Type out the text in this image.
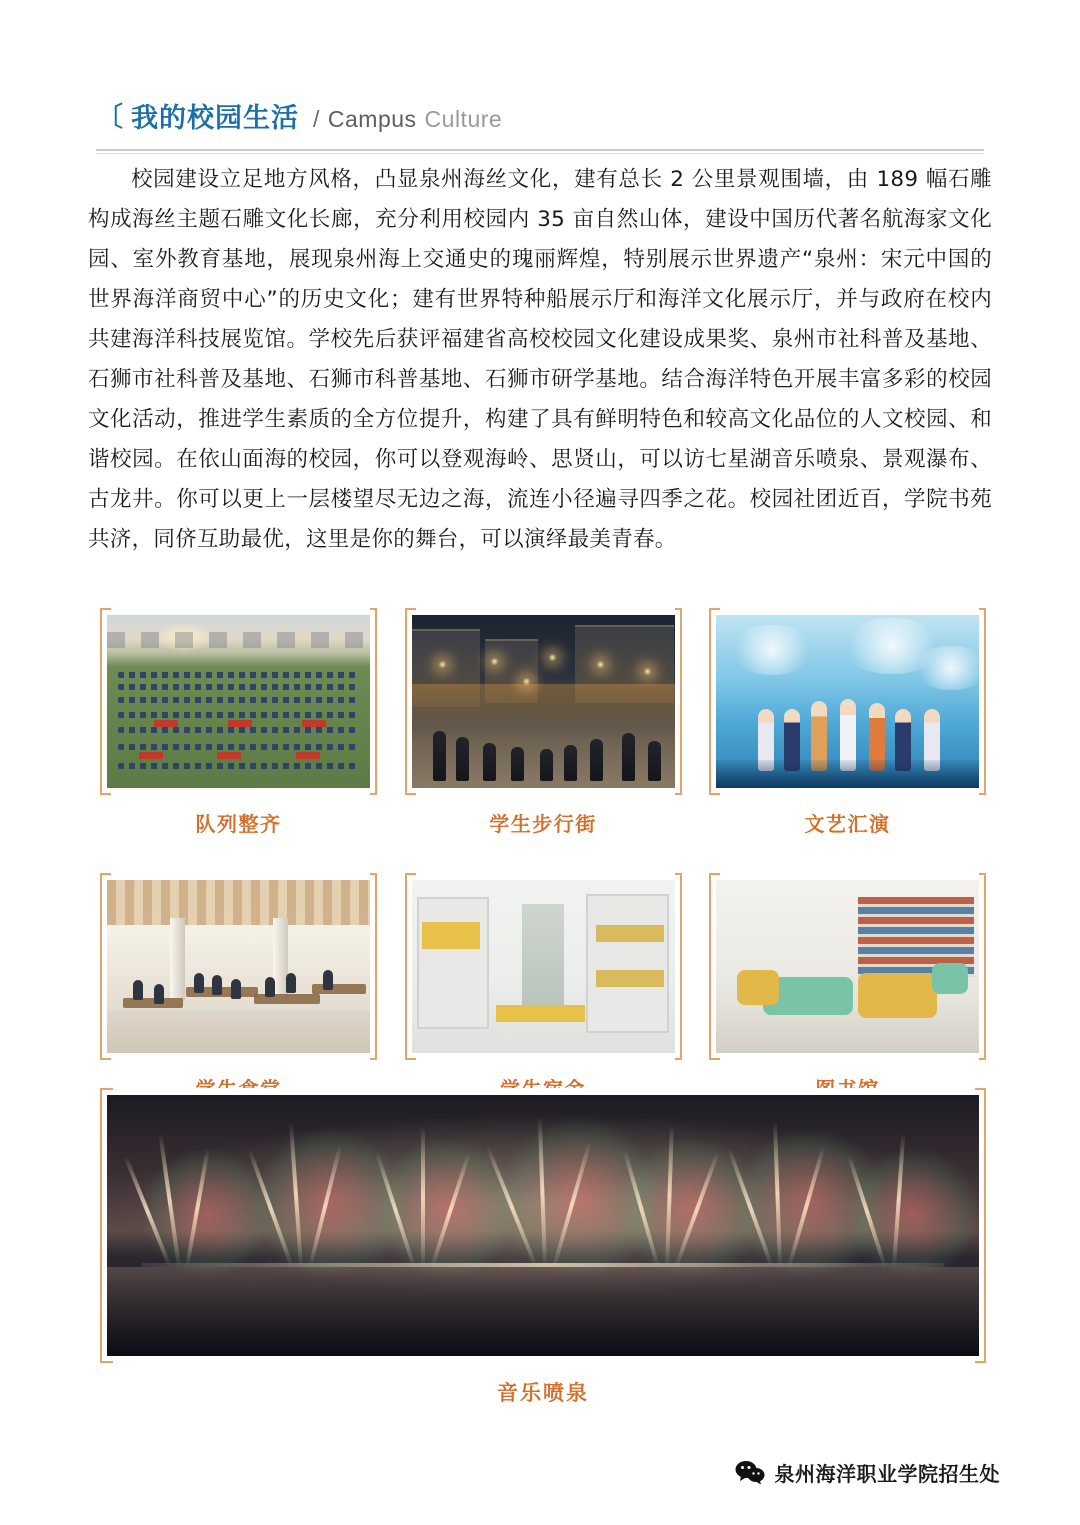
〔 我的校园生活 / Campus Culture
校园建设立足地方风格，凸显泉州海丝文化，建有总长 2 公里景观围墙，由 189 幅石雕构成海丝主题石雕文化长廊，充分利用校园内 35 亩自然山体，建设中国历代著名航海家文化园、室外教育基地，展现泉州海上交通史的瑰丽辉煌，特别展示世界遗产“泉州：宋元中国的世界海洋商贸中心”的历史文化；建有世界特种船展示厅和海洋文化展示厅，并与政府在校内共建海洋科技展览馆。学校先后获评福建省高校校园文化建设成果奖、泉州市社科普及基地、石狮市社科普及基地、石狮市科普基地、石狮市研学基地。结合海洋特色开展丰富多彩的校园文化活动，推进学生素质的全方位提升，构建了具有鲜明特色和较高文化品位的人文校园、和谐校园。在依山面海的校园，你可以登观海岭、思贤山，可以访七星湖音乐喷泉、景观瀑布、古龙井。你可以更上一层楼望尽无边之海，流连小径遍寻四季之花。校园社团近百，学院书苑共济，同侪互助最优，这里是你的舞台，可以演绎最美青春。
队列整齐	学生步行街	文艺汇演
音乐喷泉
泉州海洋职业学院招生处
